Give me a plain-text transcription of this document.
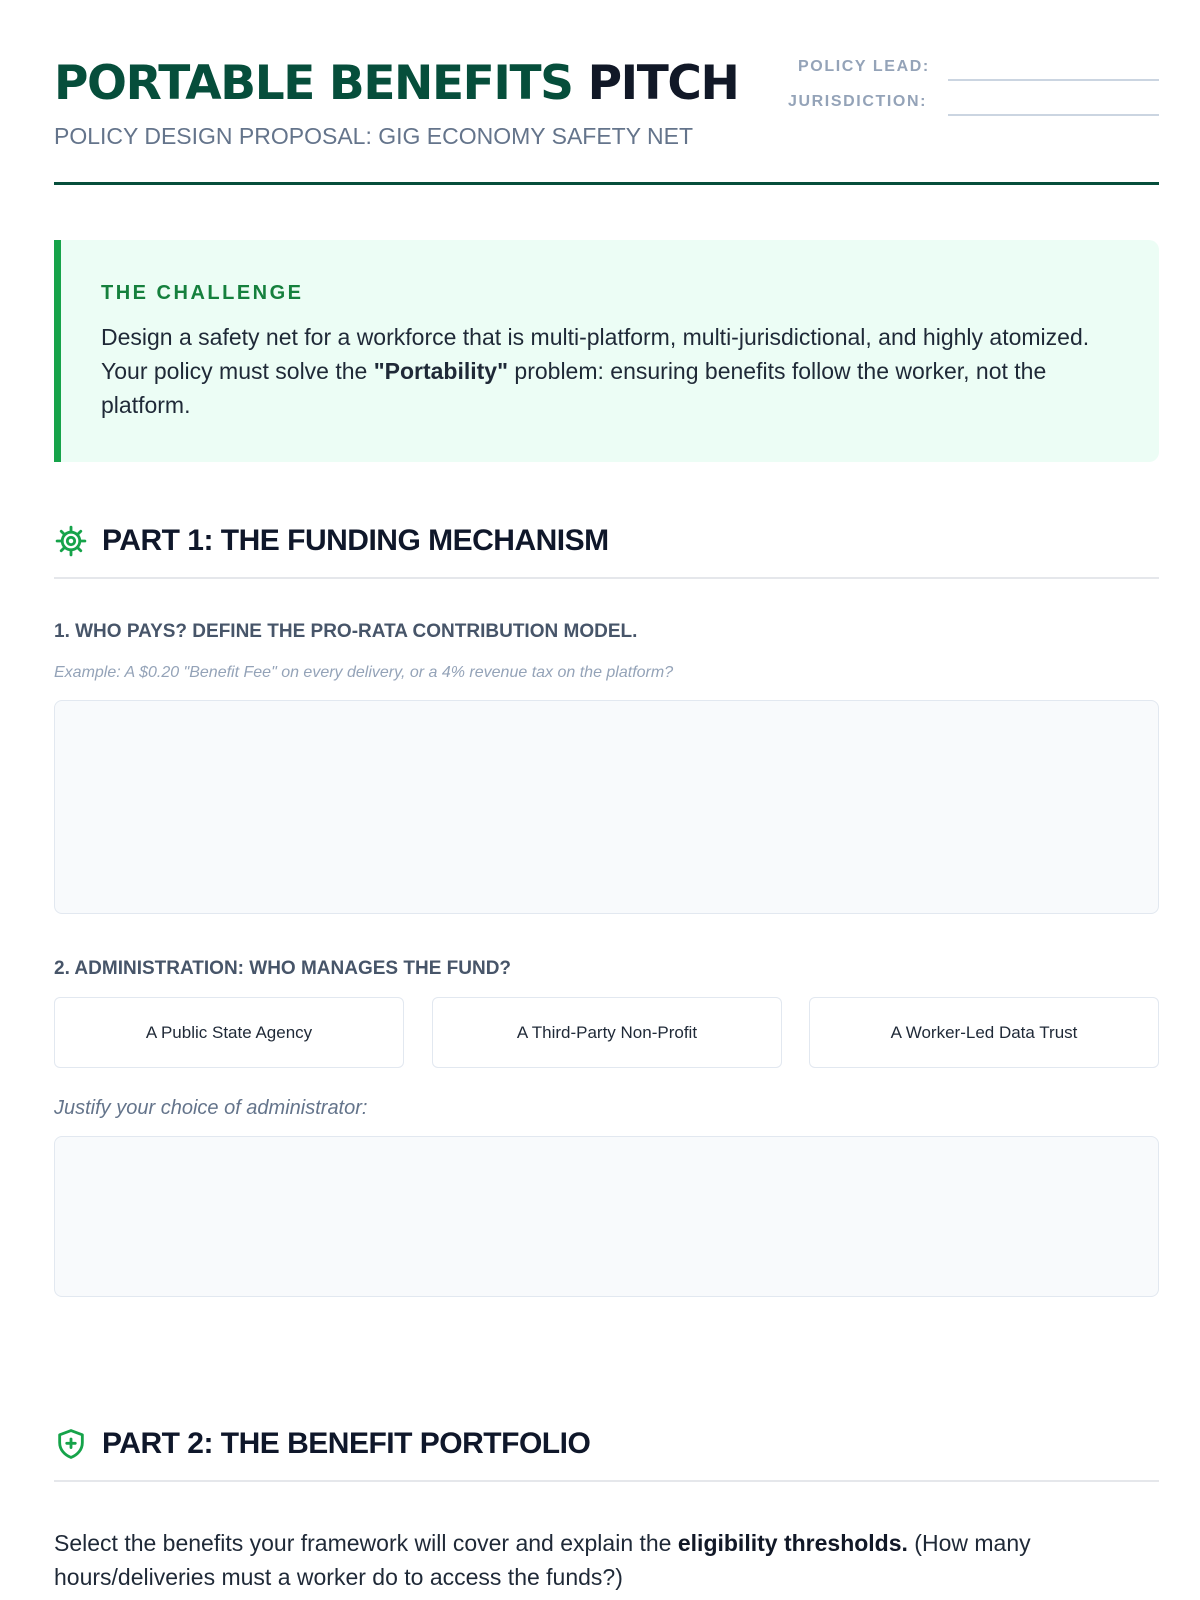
PORTABLE BENEFITS PITCH

POLICY DESIGN PROPOSAL: GIG ECONOMY SAFETY NET

POLICY LEAD:
JURISDICTION:
THE CHALLENGE
Design a safety net for a workforce that is multi-platform, multi-jurisdictional, and highly atomized. Your policy must solve the "Portability" problem: ensuring benefits follow the worker, not the platform.
PART 1: THE FUNDING MECHANISM
1. WHO PAYS? DEFINE THE PRO-RATA CONTRIBUTION MODEL.
Example: A $0.20 "Benefit Fee" on every delivery, or a 4% revenue tax on the platform?
2. ADMINISTRATION: WHO MANAGES THE FUND?
A Public State Agency	A Third-Party Non-Profit	A Worker-Led Data Trust
Justify your choice of administrator:
PART 2: THE BENEFIT PORTFOLIO

Select the benefits your framework will cover and explain the eligibility thresholds. (How many hours/deliveries must a worker do to access the funds?)
